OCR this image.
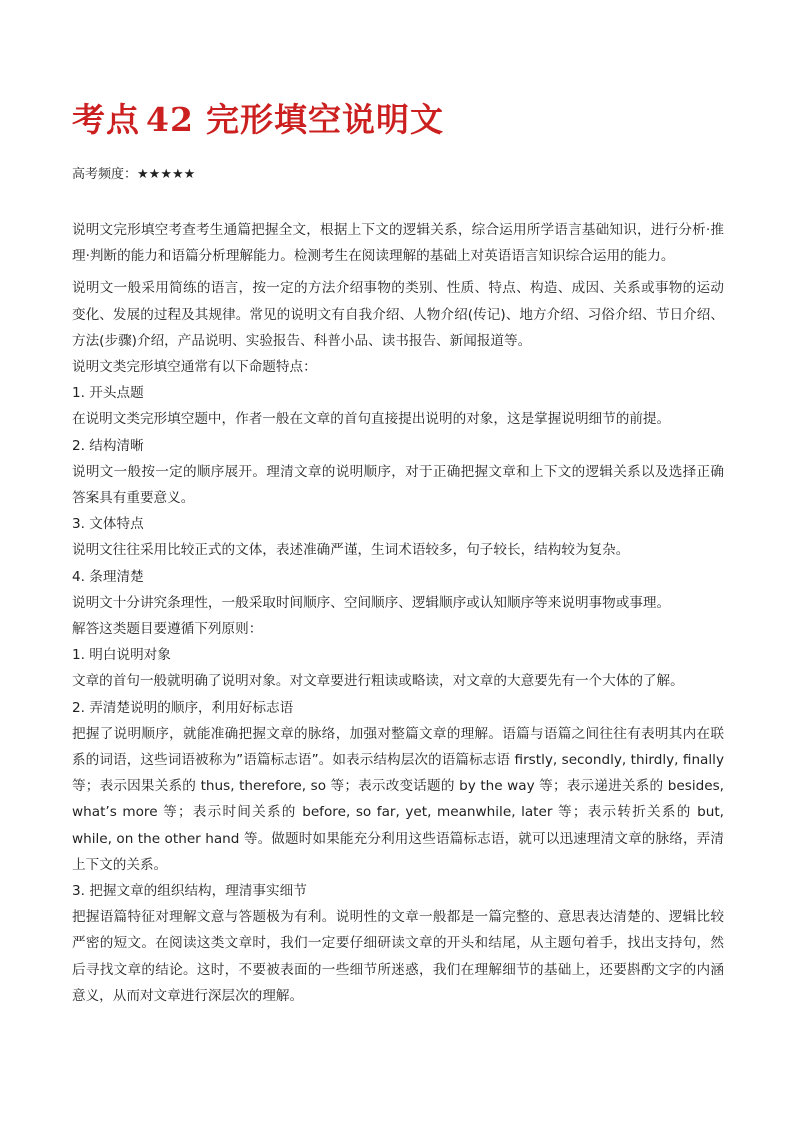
考点 42 完形填空说明文
高考频度：★★★★★

说明文完形填空考查考生通篇把握全文，根据上下文的逻辑关系，综合运用所学语言基础知识，进行分析·推理·判断的能力和语篇分析理解能力。检测考生在阅读理解的基础上对英语语言知识综合运用的能力。

说明文一般采用简练的语言，按一定的方法介绍事物的类别、性质、特点、构造、成因、关系或事物的运动变化、发展的过程及其规律。常见的说明文有自我介绍、人物介绍(传记)、地方介绍、习俗介绍、节日介绍、方法(步骤)介绍，产品说明、实验报告、科普小品、读书报告、新闻报道等。

说明文类完形填空通常有以下命题特点：

1. 开头点题

在说明文类完形填空题中，作者一般在文章的首句直接提出说明的对象，这是掌握说明细节的前提。

2. 结构清晰

说明文一般按一定的顺序展开。理清文章的说明顺序，对于正确把握文章和上下文的逻辑关系以及选择正确答案具有重要意义。

3. 文体特点

说明文往往采用比较正式的文体，表述准确严谨，生词术语较多，句子较长，结构较为复杂。

4. 条理清楚

说明文十分讲究条理性，一般采取时间顺序、空间顺序、逻辑顺序或认知顺序等来说明事物或事理。

解答这类题目要遵循下列原则：

1. 明白说明对象

文章的首句一般就明确了说明对象。对文章要进行粗读或略读，对文章的大意要先有一个大体的了解。

2. 弄清楚说明的顺序，利用好标志语

把握了说明顺序，就能准确把握文章的脉络，加强对整篇文章的理解。语篇与语篇之间往往有表明其内在联系的词语，这些词语被称为”语篇标志语”。如表示结构层次的语篇标志语 firstly, secondly, thirdly, finally 等；表示因果关系的 thus, therefore, so 等；表示改变话题的 by the way 等；表示递进关系的 besides, what’s more 等；表示时间关系的 before, so far, yet, meanwhile, later 等；表示转折关系的 but, while, on the other hand 等。做题时如果能充分利用这些语篇标志语，就可以迅速理清文章的脉络，弄清上下文的关系。

3. 把握文章的组织结构，理清事实细节

把握语篇特征对理解文意与答题极为有利。说明性的文章一般都是一篇完整的、意思表达清楚的、逻辑比较严密的短文。在阅读这类文章时，我们一定要仔细研读文章的开头和结尾，从主题句着手，找出支持句，然后寻找文章的结论。这时，不要被表面的一些细节所迷惑，我们在理解细节的基础上，还要斟酌文字的内涵意义，从而对文章进行深层次的理解。
